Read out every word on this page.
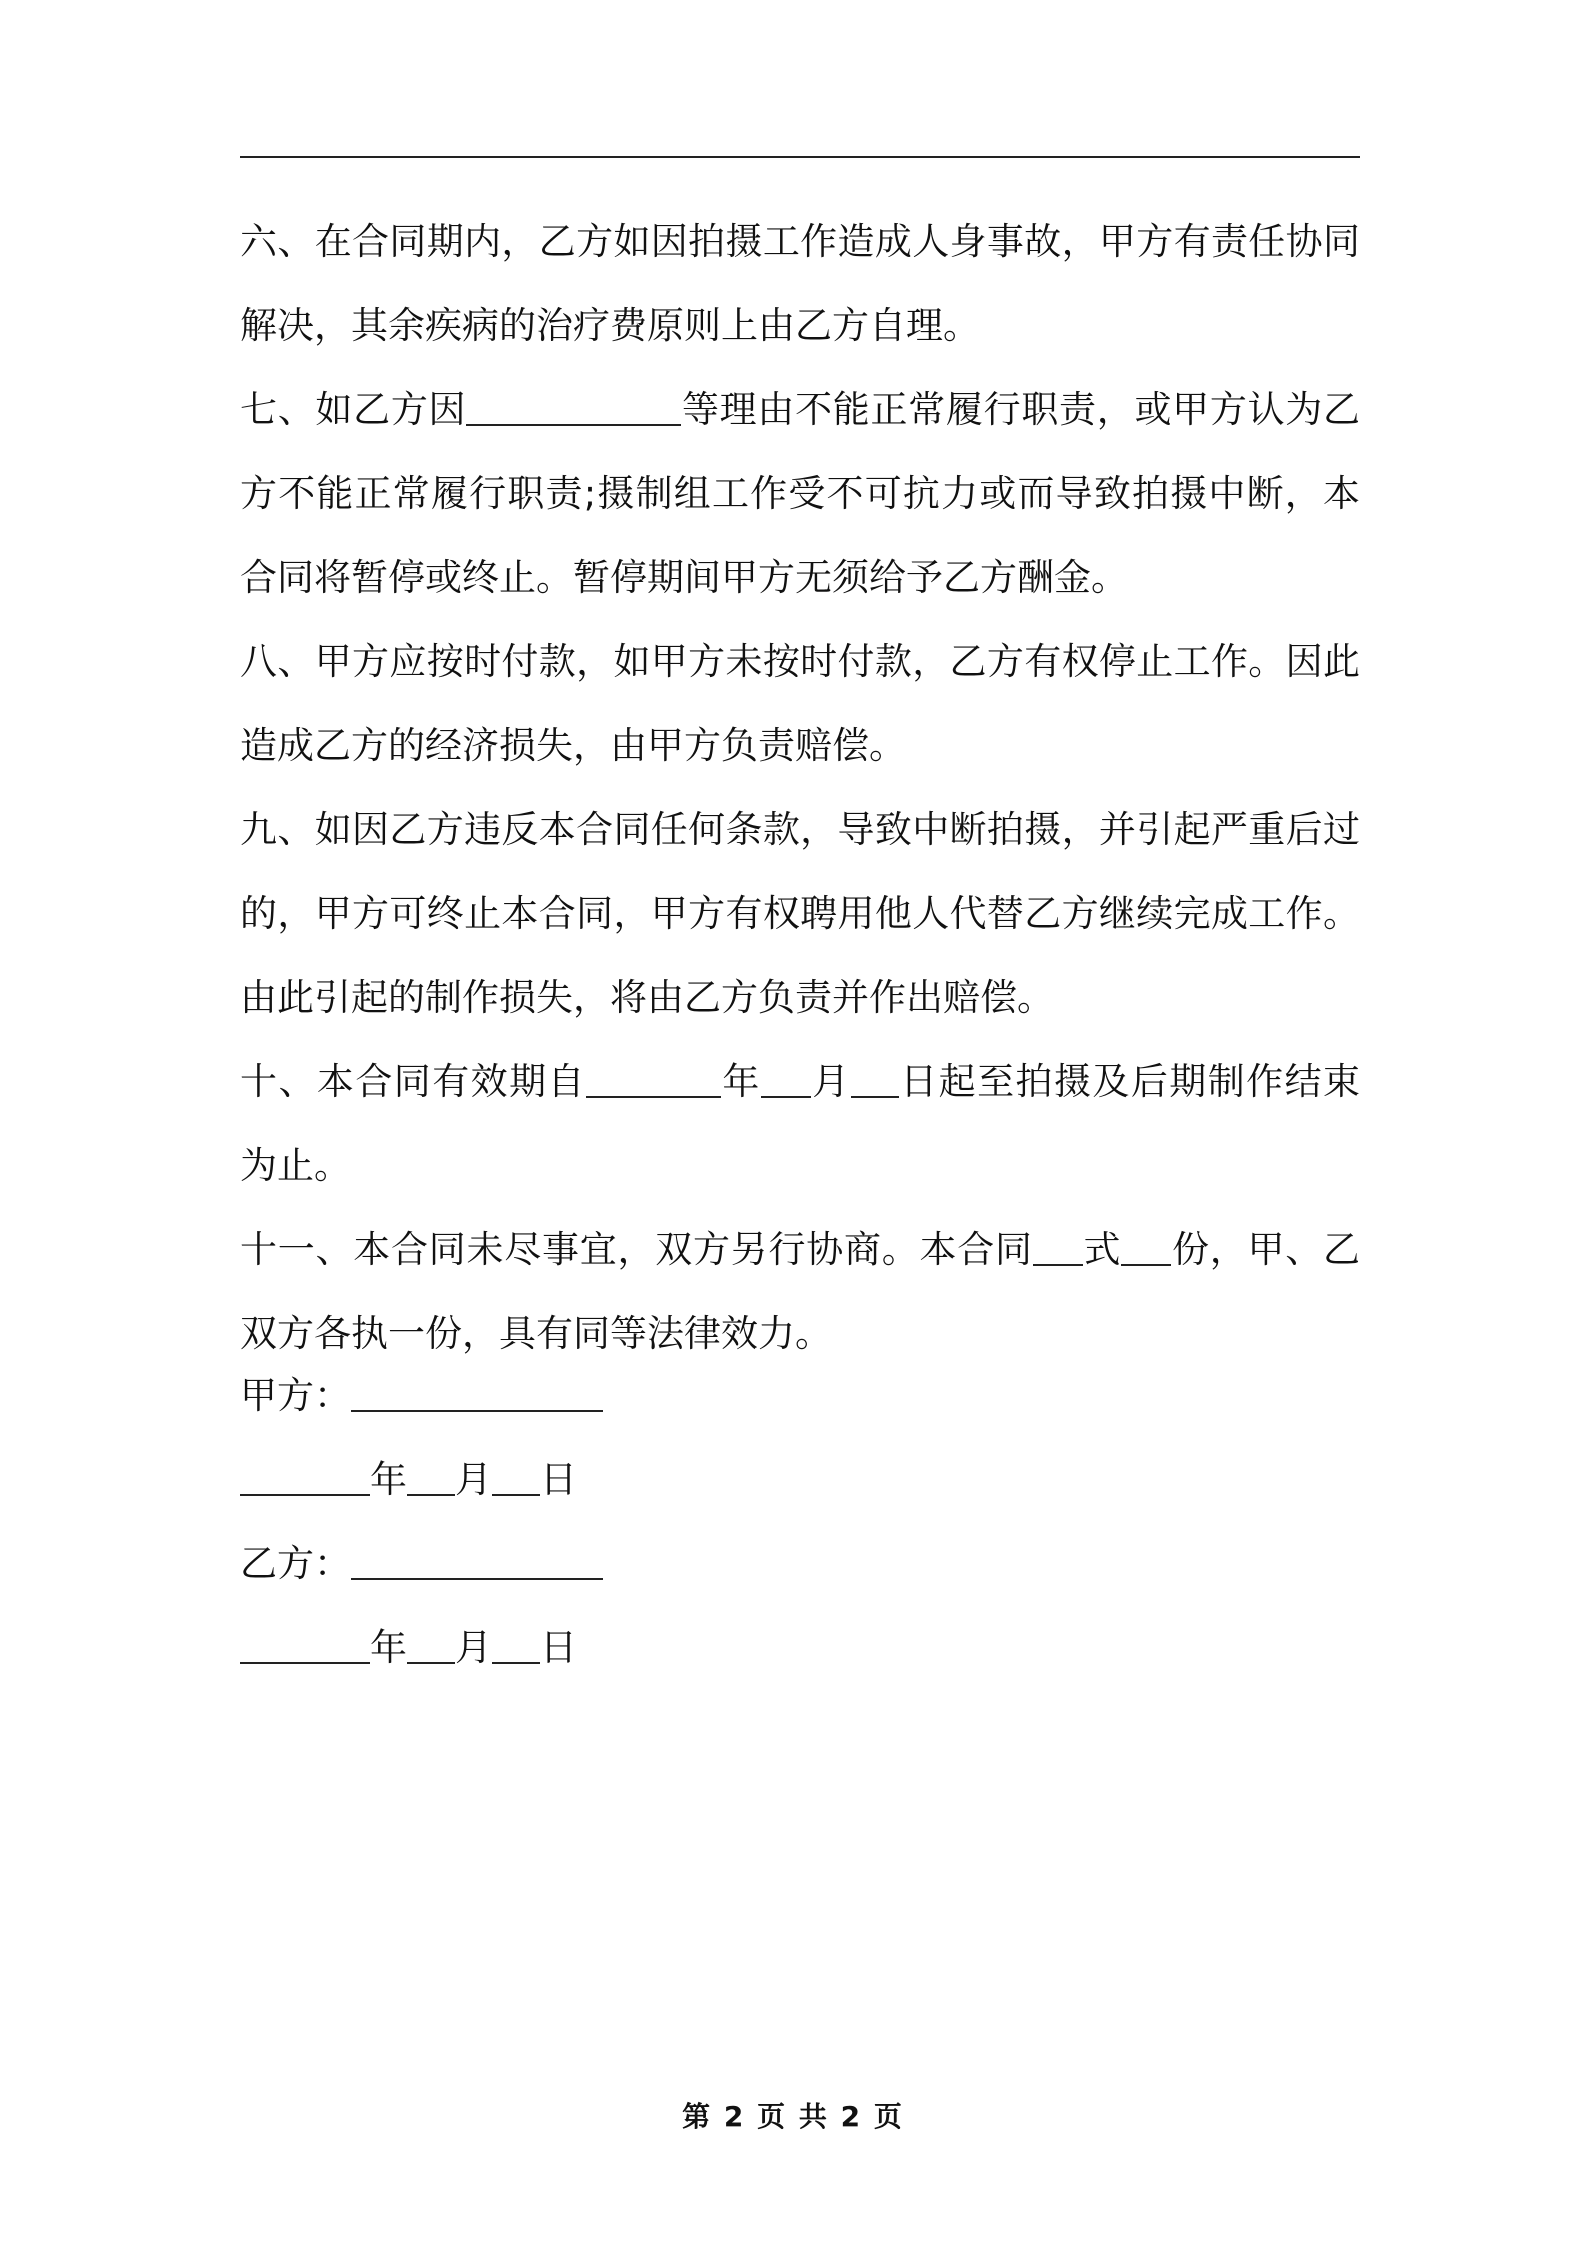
六、在合同期内，乙方如因拍摄工作造成人身事故，甲方有责任协同解决，其余疾病的治疗费原则上由乙方自理。

七、如乙方因	等理由不能正常履行职责，或甲方认为乙方不能正常履行职责;摄制组工作受不可抗力或而导致拍摄中断，本合同将暂停或终止。暂停期间甲方无须给予乙方酬金。

八、甲方应按时付款，如甲方未按时付款，乙方有权停止工作。因此造成乙方的经济损失，由甲方负责赔偿。

九、如因乙方违反本合同任何条款，导致中断拍摄，并引起严重后过的，甲方可终止本合同，甲方有权聘用他人代替乙方继续完成工作。由此引起的制作损失，将由乙方负责并作出赔偿。

十、本合同有效期自	年 月 日起至拍摄及后期制作结束为止。

十一、本合同未尽事宜，双方另行协商。本合同 式 份，甲、乙双方各执一份，具有同等法律效力。

甲方：

年 月 日

乙方：

年 月 日

第 2 页 共 2 页
